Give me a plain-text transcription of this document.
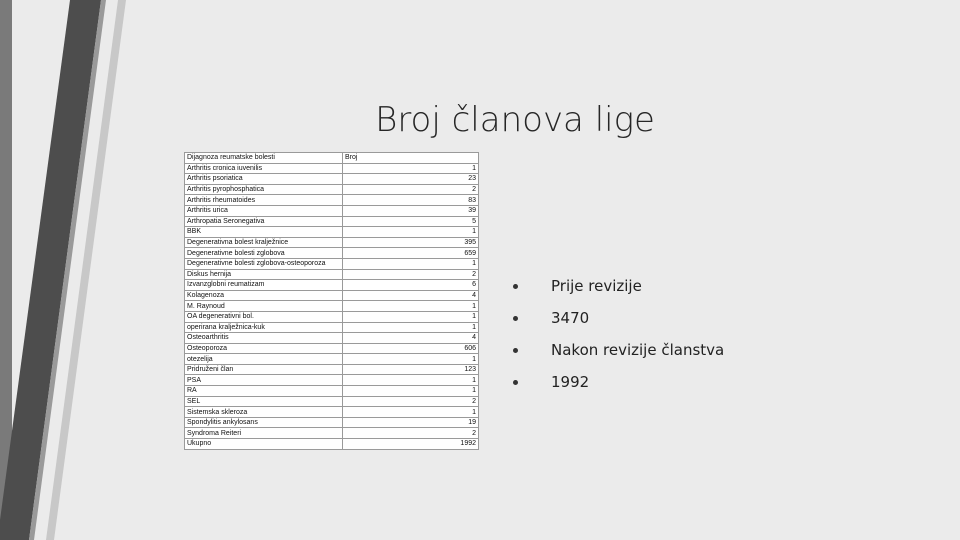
Broj članova lige
Dijagnoza reumatske bolesti	Broj
Arthritis cronica iuvenilis	1
Arthritis psoriatica	23
Arthritis pyrophosphatica	2
Arthritis rheumatoides	83
Arthritis urica	39
Arthropatia Seronegativa	5
BBK	1
Degenerativna bolest kralježnice	395
Degenerativne bolesti zglobova	659
Degenerativne bolesti zglobova-osteoporoza	1
Diskus hernija	2
Izvanzglobni reumatizam	6
Kolagenoza	4
M. Raynoud	1
OA degenerativni bol.	1
operirana kralježnica-kuk	1
Osteoarthritis	4
Osteoporoza	606
otezelija	1
Pridruženi član	123
PSA	1
RA	1
SEL	2
Sistemska skleroza	1
Spondylitis ankylosans	19
Syndroma Reiteri	2
Ukupno	1992
Prije revizije
3470
Nakon revizije članstva
1992
